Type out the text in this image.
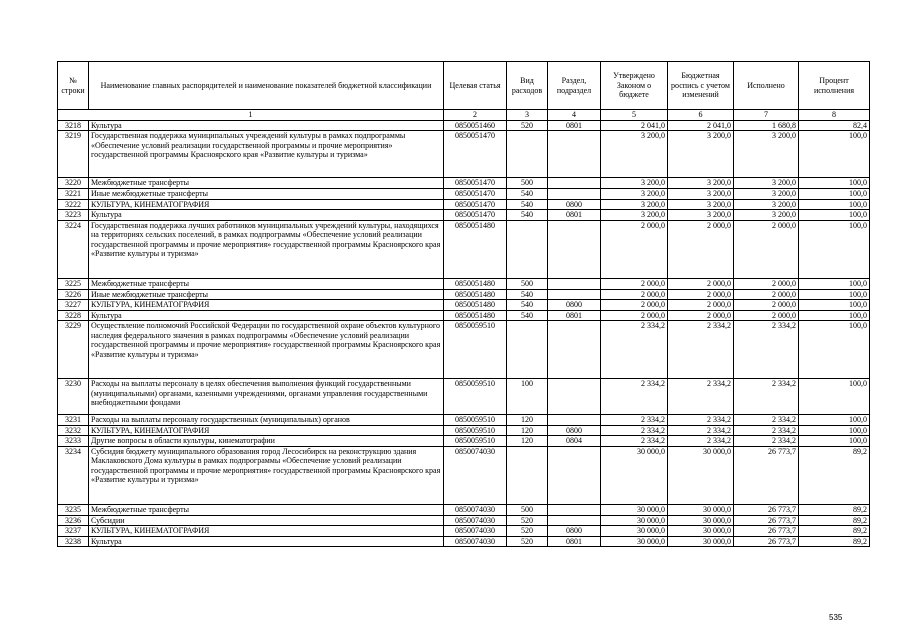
№ строки	Наименование главных распорядителей и наименование показателей бюджетной классификации	Целевая статья	Вид расходов	Раздел, подраздел	Утверждено Законом о бюджете	Бюджетная роспись с учетом изменений	Исполнено	Процент исполнения
1		2	3	4	5	6	7	8
3218	Культура	0850051460	520	0801	2 041,0	2 041,0	1 680,8	82,4
3219	Государственная поддержка муниципальных учреждений культуры в рамках подпрограммы «Обеспечение условий реализации государственной программы и прочие мероприятия» государственной программы Красноярского края «Развитие культуры и туризма»	0850051470			3 200,0	3 200,0	3 200,0	100,0
3220	Межбюджетные трансферты	0850051470	500		3 200,0	3 200,0	3 200,0	100,0
3221	Иные межбюджетные трансферты	0850051470	540		3 200,0	3 200,0	3 200,0	100,0
3222	КУЛЬТУРА, КИНЕМАТОГРАФИЯ	0850051470	540	0800	3 200,0	3 200,0	3 200,0	100,0
3223	Культура	0850051470	540	0801	3 200,0	3 200,0	3 200,0	100,0
3224	Государственная поддержка лучших работников муниципальных учреждений культуры, находящихся на территориях сельских поселений, в рамках подпрограммы «Обеспечение условий реализации государственной программы и прочие мероприятия» государственной программы Красноярского края «Развитие культуры и туризма»	0850051480			2 000,0	2 000,0	2 000,0	100,0
3225	Межбюджетные трансферты	0850051480	500		2 000,0	2 000,0	2 000,0	100,0
3226	Иные межбюджетные трансферты	0850051480	540		2 000,0	2 000,0	2 000,0	100,0
3227	КУЛЬТУРА, КИНЕМАТОГРАФИЯ	0850051480	540	0800	2 000,0	2 000,0	2 000,0	100,0
3228	Культура	0850051480	540	0801	2 000,0	2 000,0	2 000,0	100,0
3229	Осуществление полномочий Российской Федерации по государственной охране объектов культурного наследия федерального значения в рамках подпрограммы «Обеспечение условий реализации государственной программы и прочие мероприятия» государственной программы Красноярского края «Развитие культуры и туризма»	0850059510			2 334,2	2 334,2	2 334,2	100,0
3230	Расходы на выплаты персоналу в целях обеспечения выполнения функций государственными (муниципальными) органами, казенными учреждениями, органами управления государственными внебюджетными фондами	0850059510	100		2 334,2	2 334,2	2 334,2	100,0
3231	Расходы на выплаты персоналу государственных (муниципальных) органов	0850059510	120		2 334,2	2 334,2	2 334,2	100,0
3232	КУЛЬТУРА, КИНЕМАТОГРАФИЯ	0850059510	120	0800	2 334,2	2 334,2	2 334,2	100,0
3233	Другие вопросы в области культуры, кинематографии	0850059510	120	0804	2 334,2	2 334,2	2 334,2	100,0
3234	Субсидия бюджету муниципального образования город Лесосибирск на реконструкцию здания Маклаковского Дома культуры в рамках подпрограммы «Обеспечение условий реализации государственной программы и прочие мероприятия» государственной программы Красноярского края «Развитие культуры и туризма»	0850074030			30 000,0	30 000,0	26 773,7	89,2
3235	Межбюджетные трансферты	0850074030	500		30 000,0	30 000,0	26 773,7	89,2
3236	Субсидии	0850074030	520		30 000,0	30 000,0	26 773,7	89,2
3237	КУЛЬТУРА, КИНЕМАТОГРАФИЯ	0850074030	520	0800	30 000,0	30 000,0	26 773,7	89,2
3238	Культура	0850074030	520	0801	30 000,0	30 000,0	26 773,7	89,2
535
